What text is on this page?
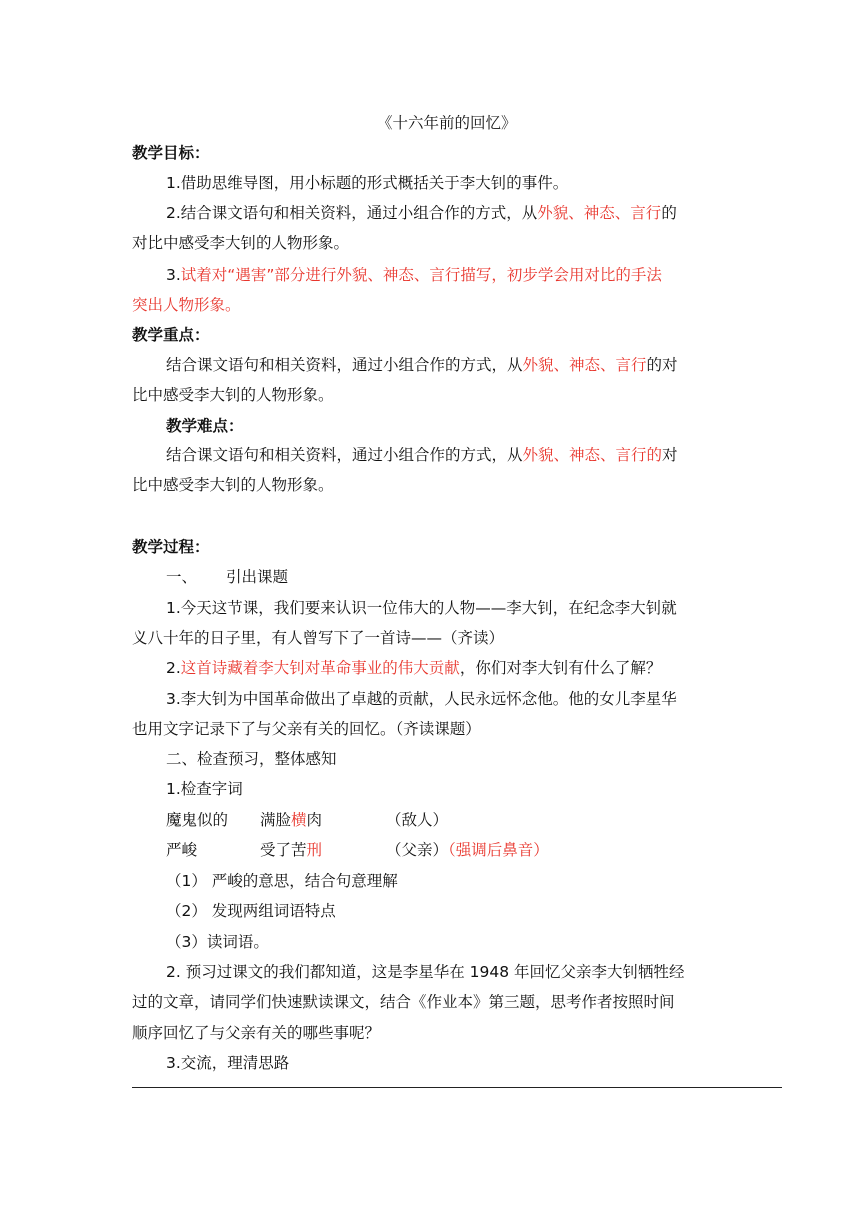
《十六年前的回忆》
教学目标：
1.借助思维导图，用小标题的形式概括关于李大钊的事件。
2.结合课文语句和相关资料，通过小组合作的方式，从外貌、神态、言行的
对比中感受李大钊的人物形象。
3.试着对“遇害”部分进行外貌、神态、言行描写，初步学会用对比的手法
突出人物形象。
教学重点：
结合课文语句和相关资料，通过小组合作的方式，从外貌、神态、言行的对
比中感受李大钊的人物形象。
教学难点：
结合课文语句和相关资料，通过小组合作的方式，从外貌、神态、言行的对
比中感受李大钊的人物形象。
教学过程：
一、 引出课题
1.今天这节课，我们要来认识一位伟大的人物——李大钊，在纪念李大钊就
义八十年的日子里，有人曾写下了一首诗——（齐读）
2.这首诗藏着李大钊对革命事业的伟大贡献，你们对李大钊有什么了解？
3.李大钊为中国革命做出了卓越的贡献，人民永远怀念他。他的女儿李星华
也用文字记录下了与父亲有关的回忆。（齐读课题）
二、检查预习，整体感知
1.检查字词
魔鬼似的 满脸横肉	（敌人）
严峻	受了苦刑	（父亲）（强调后鼻音）
（1） 严峻的意思，结合句意理解
（2） 发现两组词语特点
（3）读词语。
2. 预习过课文的我们都知道，这是李星华在 1948 年回忆父亲李大钊牺牲经
过的文章，请同学们快速默读课文，结合《作业本》第三题，思考作者按照时间
顺序回忆了与父亲有关的哪些事呢？
3.交流，理清思路
